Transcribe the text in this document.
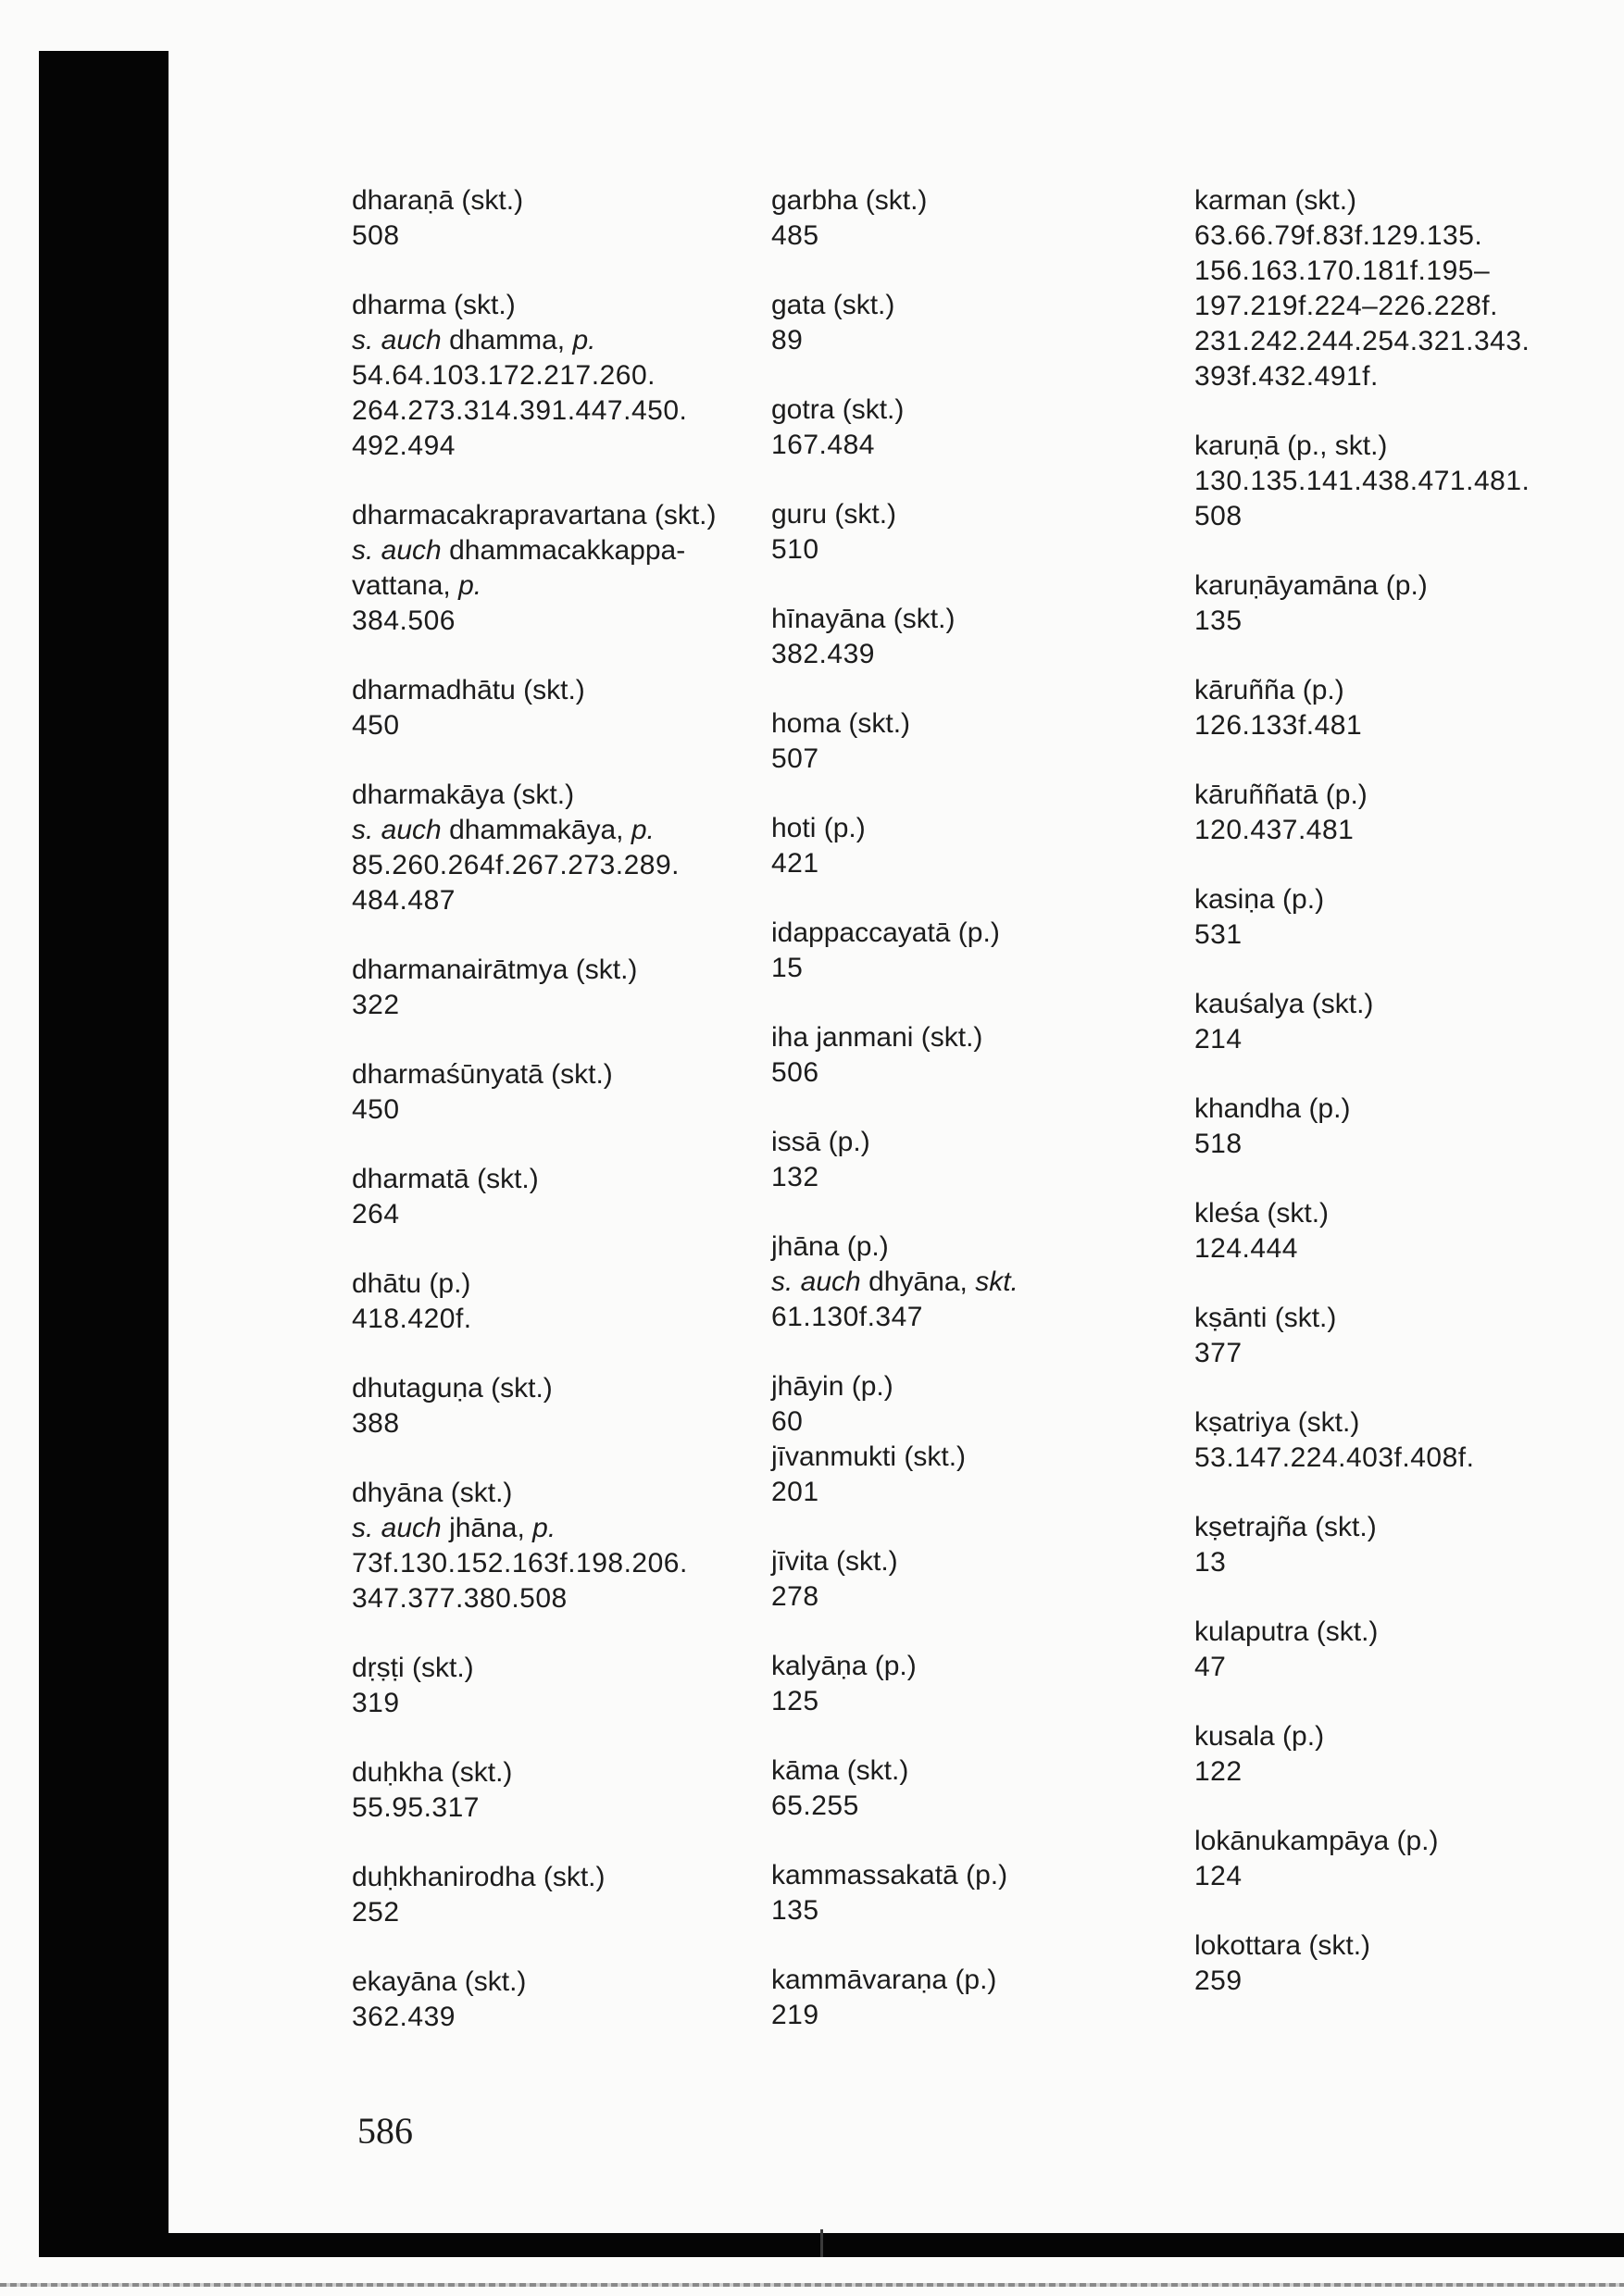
dharaṇā (skt.)
508
dharma (skt.)
s. auch dhamma, p.
54.64.103.172.217.260.
264.273.314.391.447.450.
492.494
dharmacakrapravartana (skt.)
s. auch dhammacakkappa-
vattana, p.
384.506
dharmadhātu (skt.)
450
dharmakāya (skt.)
s. auch dhammakāya, p.
85.260.264f.267.273.289.
484.487
dharmanairātmya (skt.)
322
dharmaśūnyatā (skt.)
450
dharmatā (skt.)
264
dhātu (p.)
418.420f.
dhutaguṇa (skt.)
388
dhyāna (skt.)
s. auch jhāna, p.
73f.130.152.163f.198.206.
347.377.380.508
dṛṣṭi (skt.)
319
duḥkha (skt.)
55.95.317
duḥkhanirodha (skt.)
252
ekayāna (skt.)
362.439
garbha (skt.)
485
gata (skt.)
89
gotra (skt.)
167.484
guru (skt.)
510
hīnayāna (skt.)
382.439
homa (skt.)
507
hoti (p.)
421
idappaccayatā (p.)
15
iha janmani (skt.)
506
issā (p.)
132
jhāna (p.)
s. auch dhyāna, skt.
61.130f.347
jhāyin (p.)
60
jīvanmukti (skt.)
201
jīvita (skt.)
278
kalyāṇa (p.)
125
kāma (skt.)
65.255
kammassakatā (p.)
135
kammāvaraṇa (p.)
219
karman (skt.)
63.66.79f.83f.129.135.
156.163.170.181f.195–
197.219f.224–226.228f.
231.242.244.254.321.343.
393f.432.491f.
karuṇā (p., skt.)
130.135.141.438.471.481.
508
karuṇāyamāna (p.)
135
kāruñña (p.)
126.133f.481
kāruññatā (p.)
120.437.481
kasiṇa (p.)
531
kauśalya (skt.)
214
khandha (p.)
518
kleśa (skt.)
124.444
kṣānti (skt.)
377
kṣatriya (skt.)
53.147.224.403f.408f.
kṣetrajña (skt.)
13
kulaputra (skt.)
47
kusala (p.)
122
lokānukampāya (p.)
124
lokottara (skt.)
259
586
